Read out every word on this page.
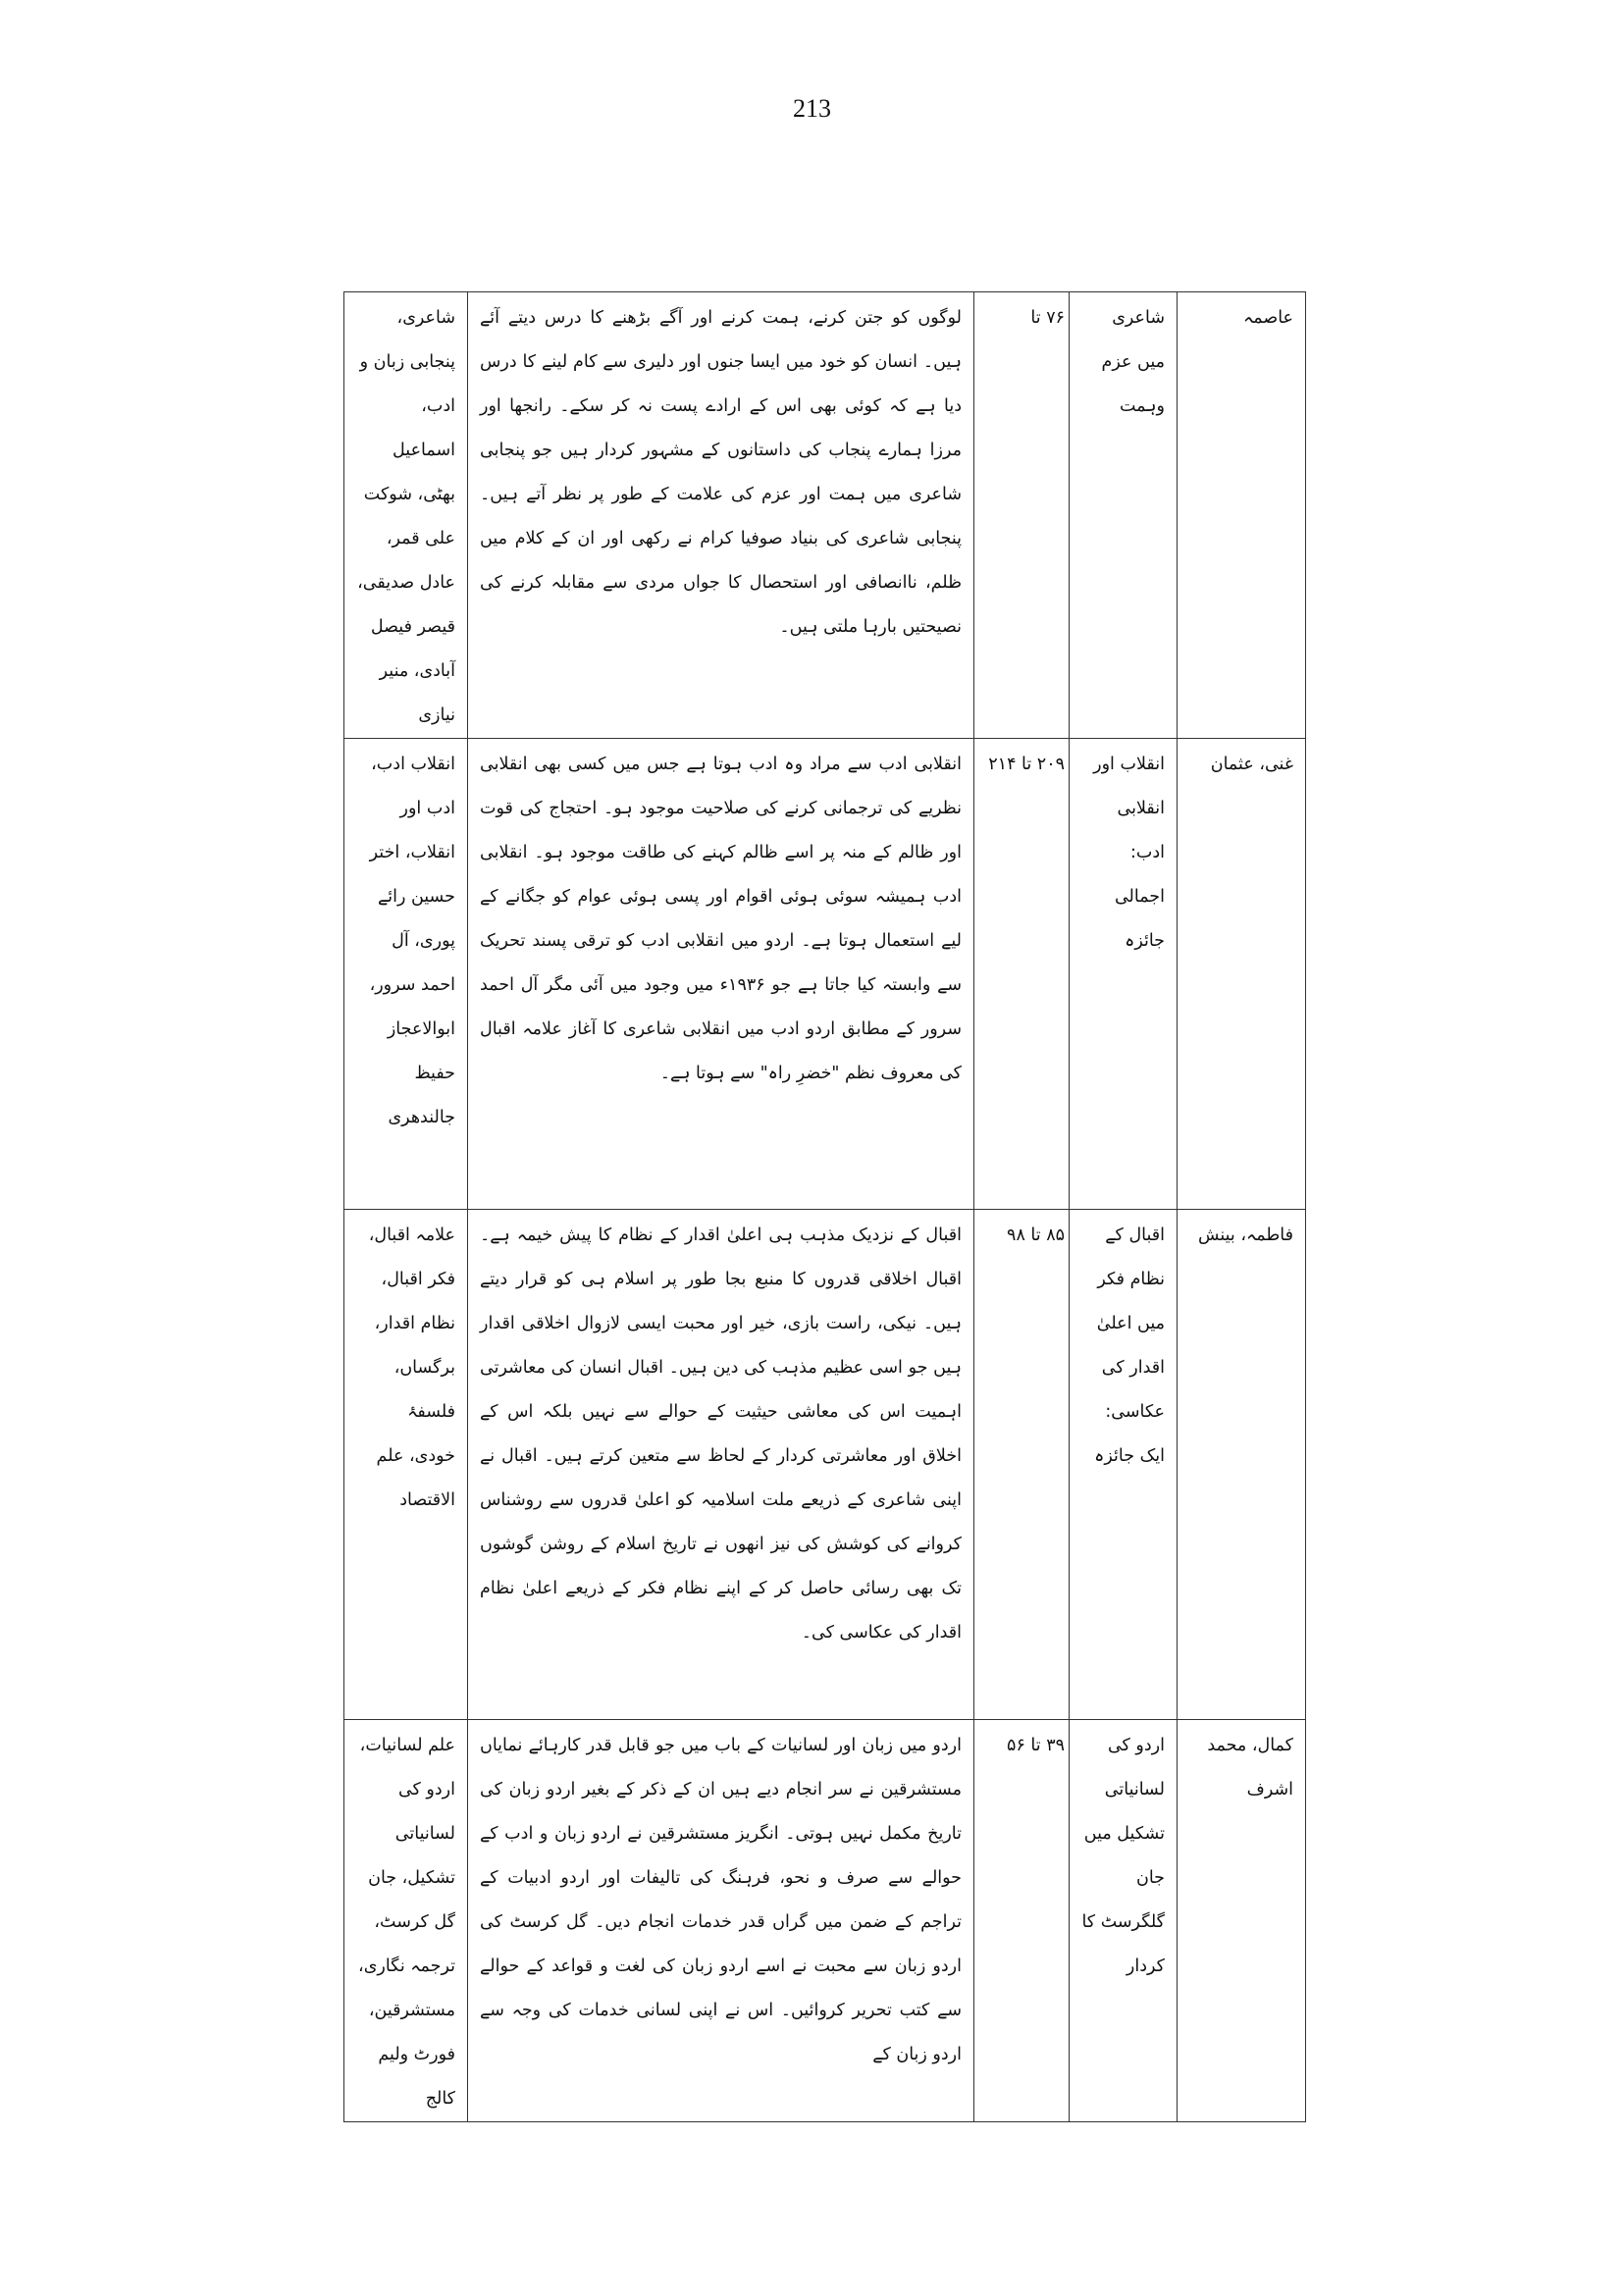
213
عاصمہ	شاعری میں عزم وہمت	۷۶ تا	لوگوں کو جتن کرنے، ہمت کرنے اور آگے بڑھنے کا درس دیتے آئے ہیں۔ انسان کو خود میں ایسا جنوں اور دلیری سے کام لینے کا درس دیا ہے کہ کوئی بھی اس کے ارادے پست نہ کر سکے۔ رانجھا اور مرزا ہمارے پنجاب کی داستانوں کے مشہور کردار ہیں جو پنجابی شاعری میں ہمت اور عزم کی علامت کے طور پر نظر آتے ہیں۔ پنجابی شاعری کی بنیاد صوفیا کرام نے رکھی اور ان کے کلام میں ظلم، ناانصافی اور استحصال کا جواں مردی سے مقابلہ کرنے کی نصیحتیں بارہا ملتی ہیں۔	شاعری، پنجابی زبان و ادب، اسماعیل بھٹی، شوکت علی قمر، عادل صدیقی، قیصر فیصل آبادی، منیر نیازی

غنی، عثمان	انقلاب اور انقلابی ادب: اجمالی جائزہ	۲۰۹ تا ۲۱۴	انقلابی ادب سے مراد وہ ادب ہوتا ہے جس میں کسی بھی انقلابی نظریے کی ترجمانی کرنے کی صلاحیت موجود ہو۔ احتجاج کی قوت اور ظالم کے منہ پر اسے ظالم کہنے کی طاقت موجود ہو۔ انقلابی ادب ہمیشہ سوئی ہوئی اقوام اور پسی ہوئی عوام کو جگانے کے لیے استعمال ہوتا ہے۔ اردو میں انقلابی ادب کو ترقی پسند تحریک سے وابستہ کیا جاتا ہے جو ۱۹۳۶ء میں وجود میں آئی مگر آل احمد سرور کے مطابق اردو ادب میں انقلابی شاعری کا آغاز علامہ اقبال کی معروف نظم "خضرِ راہ" سے ہوتا ہے۔	انقلاب ادب، ادب اور انقلاب، اختر حسین رائے پوری، آل احمد سرور، ابوالاعجاز حفیظ جالندھری

فاطمہ، بینش	اقبال کے نظام فکر میں اعلیٰ اقدار کی عکاسی: ایک جائزہ	۸۵ تا ۹۸	اقبال کے نزدیک مذہب ہی اعلیٰ اقدار کے نظام کا پیش خیمہ ہے۔ اقبال اخلاقی قدروں کا منبع بجا طور پر اسلام ہی کو قرار دیتے ہیں۔ نیکی، راست بازی، خیر اور محبت ایسی لازوال اخلاقی اقدار ہیں جو اسی عظیم مذہب کی دین ہیں۔ اقبال انسان کی معاشرتی اہمیت اس کی معاشی حیثیت کے حوالے سے نہیں بلکہ اس کے اخلاق اور معاشرتی کردار کے لحاظ سے متعین کرتے ہیں۔ اقبال نے اپنی شاعری کے ذریعے ملت اسلامیہ کو اعلیٰ قدروں سے روشناس کروانے کی کوشش کی نیز انھوں نے تاریخ اسلام کے روشن گوشوں تک بھی رسائی حاصل کر کے اپنے نظام فکر کے ذریعے اعلیٰ نظام اقدار کی عکاسی کی۔	علامہ اقبال، فکر اقبال، نظام اقدار، برگساں، فلسفۂ خودی، علم الاقتصاد

کمال، محمد اشرف	اردو کی لسانیاتی تشکیل میں جان گلگرسٹ کا کردار	۳۹ تا ۵۶	اردو میں زبان اور لسانیات کے باب میں جو قابل قدر کارہائے نمایاں مستشرقین نے سر انجام دیے ہیں ان کے ذکر کے بغیر اردو زبان کی تاریخ مکمل نہیں ہوتی۔ انگریز مستشرقین نے اردو زبان و ادب کے حوالے سے صرف و نحو، فرہنگ کی تالیفات اور اردو ادبیات کے تراجم کے ضمن میں گراں قدر خدمات انجام دیں۔ گل کرسٹ کی اردو زبان سے محبت نے اسے اردو زبان کی لغت و قواعد کے حوالے سے کتب تحریر کروائیں۔ اس نے اپنی لسانی خدمات کی وجہ سے اردو زبان کے	علم لسانیات، اردو کی لسانیاتی تشکیل، جان گل کرسٹ، ترجمہ نگاری، مستشرقین، فورٹ ولیم کالج
